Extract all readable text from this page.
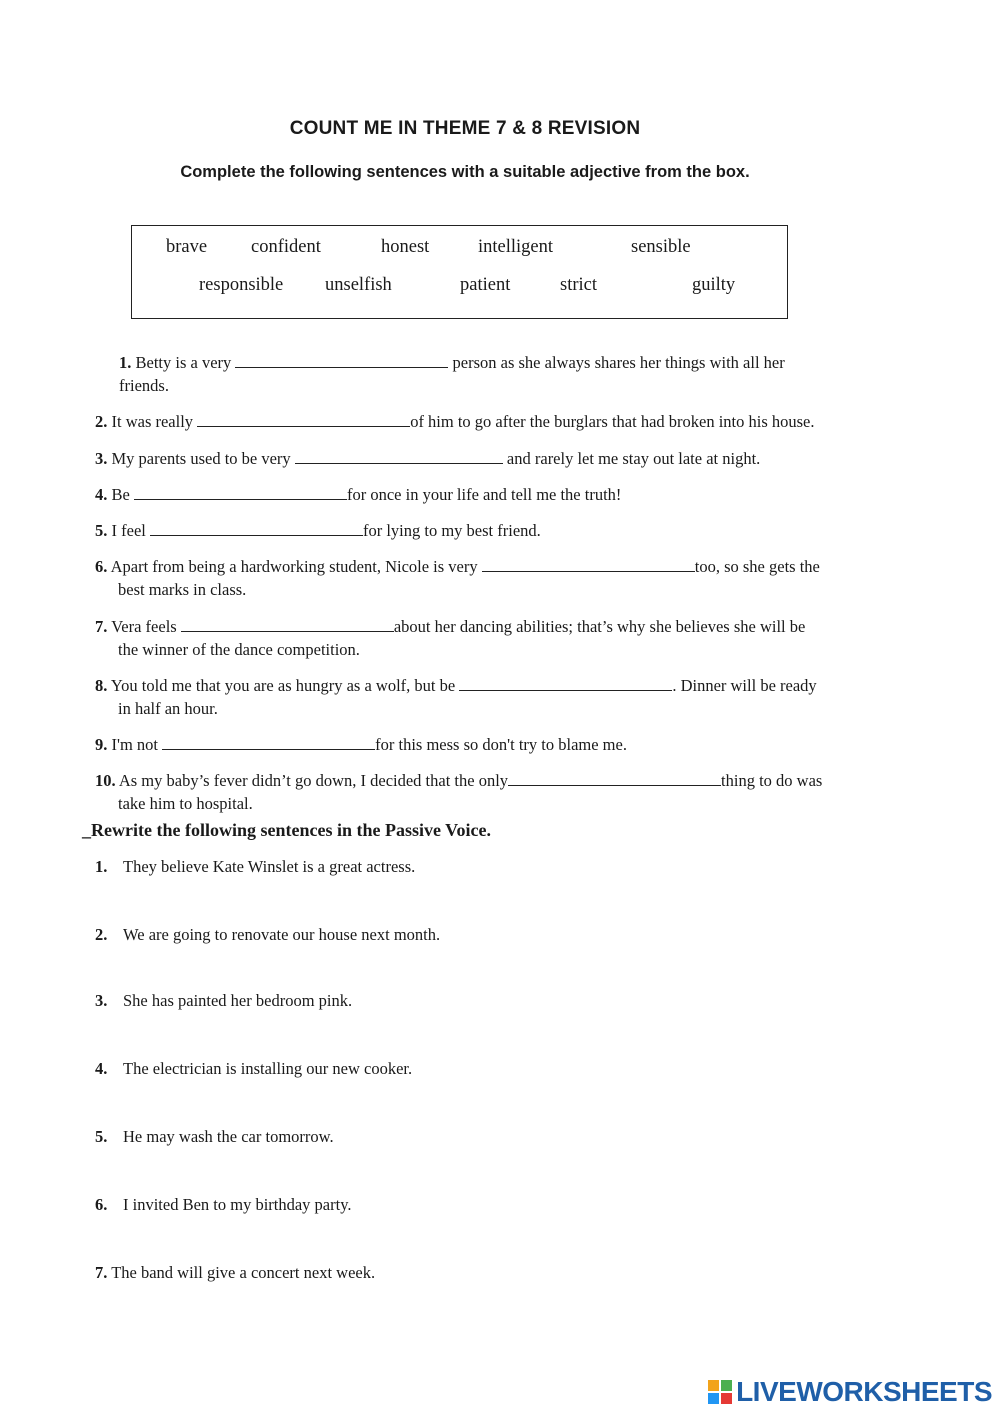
COUNT ME IN THEME 7 & 8 REVISION
Complete the following sentences with a suitable adjective from the box.
brave confident	honest	intelligent	sensible
responsible unselfish	patient	strict	guilty
1. Betty is a very	person as she always shares her things with all her
friends.
2. It was really	of him to go after the burglars that had broken into his house.
3. My parents used to be very	and rarely let me stay out late at night.
4. Be	for once in your life and tell me the truth!
5. I feel	for lying to my best friend.
6. Apart from being a hardworking student, Nicole is very	too, so she gets the
best marks in class.
7. Vera feels	about her dancing abilities; that’s why she believes she will be
the winner of the dance competition.
8. You told me that you are as hungry as a wolf, but be	. Dinner will be ready
in half an hour.
9. I'm not	for this mess so don't try to blame me.
10. As my baby’s fever didn’t go down, I decided that the only	thing to do was
take him to hospital.
_Rewrite the following sentences in the Passive Voice.
1. They believe Kate Winslet is a great actress.
2. We are going to renovate our house next month.
3. She has painted her bedroom pink.
4. The electrician is installing our new cooker.
5. He may wash the car tomorrow.
6. I invited Ben to my birthday party.
7. The band will give a concert next week.
LIVEWORKSHEETS
